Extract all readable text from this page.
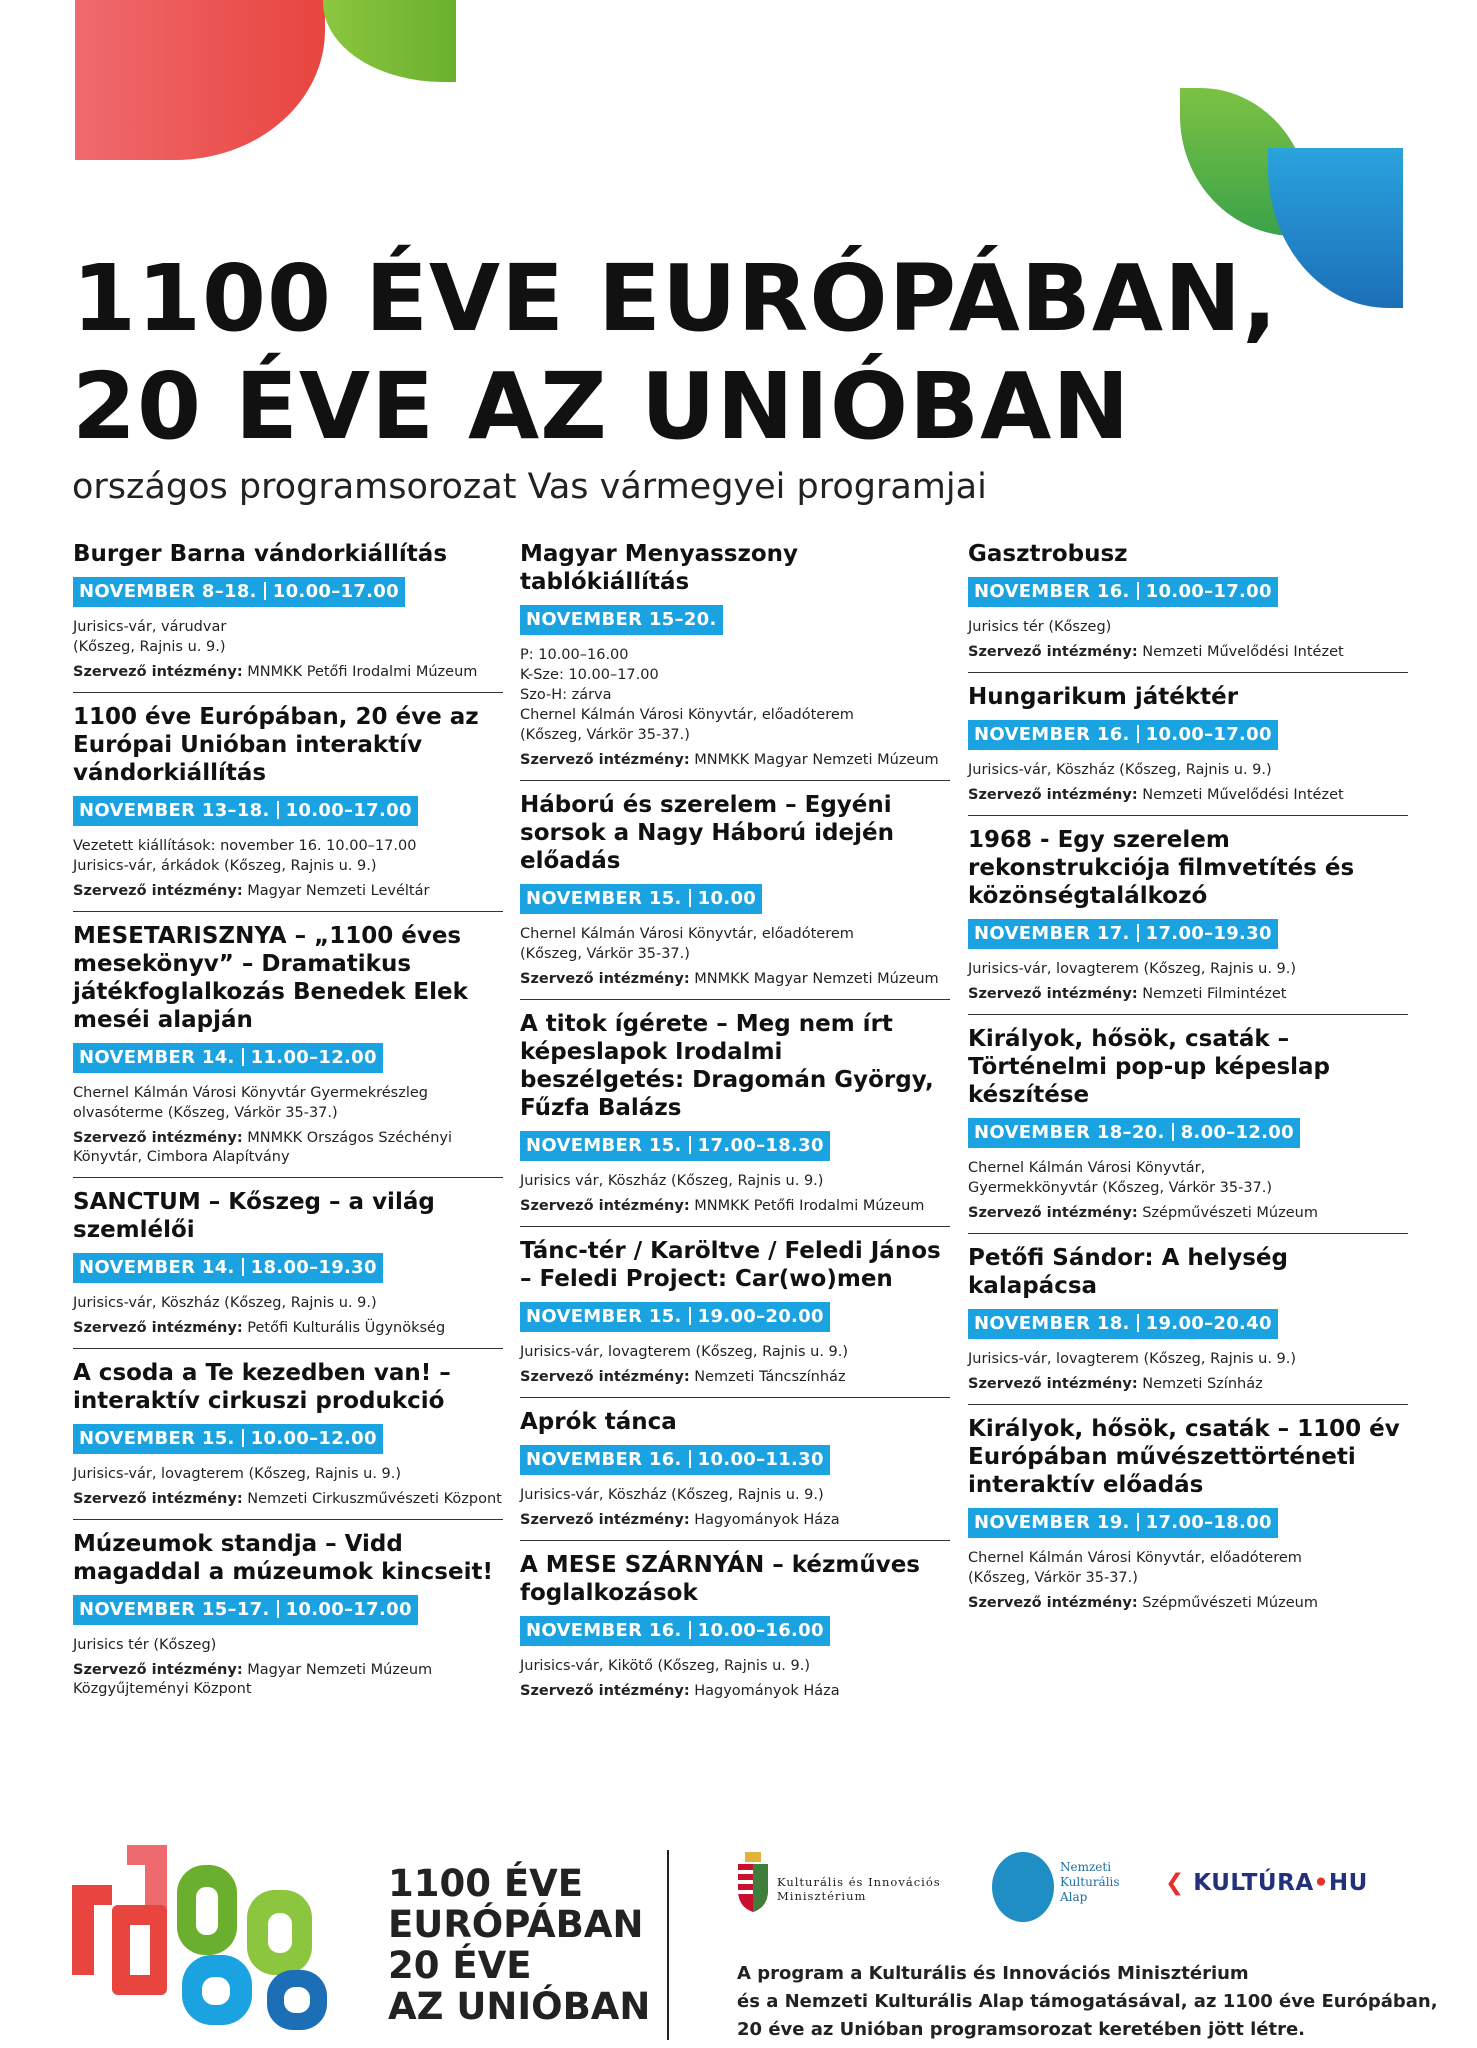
1100 ÉVE EURÓPÁBAN,
20 ÉVE AZ UNIÓBAN
országos programsorozat Vas vármegyei programjai
Burger Barna vándorkiállítás
NOVEMBER 8–18. 10.00–17.00
Jurisics-vár, várudvar
(Kőszeg, Rajnis u. 9.)
Szervező intézmény: MNMKK Petőfi Irodalmi Múzeum
1100 éve Európában, 20 éve az Európai Unióban interaktív vándorkiállítás
NOVEMBER 13–18. 10.00–17.00
Vezetett kiállítások: november 16. 10.00–17.00
Jurisics-vár, árkádok (Kőszeg, Rajnis u. 9.)
Szervező intézmény: Magyar Nemzeti Levéltár
MESETARISZNYA – „1100 éves mesekönyv” – Dramatikus játékfoglalkozás Benedek Elek meséi alapján
NOVEMBER 14. 11.00–12.00
Chernel Kálmán Városi Könyvtár Gyermekrészleg
olvasóterme (Kőszeg, Várkör 35-37.)
Szervező intézmény: MNMKK Országos Széchényi Könyvtár, Cimbora Alapítvány
SANCTUM – Kőszeg – a világ szemlélői
NOVEMBER 14. 18.00–19.30
Jurisics-vár, Köszház (Kőszeg, Rajnis u. 9.)
Szervező intézmény: Petőfi Kulturális Ügynökség
A csoda a Te kezedben van! – interaktív cirkuszi produkció
NOVEMBER 15. 10.00–12.00
Jurisics-vár, lovagterem (Kőszeg, Rajnis u. 9.)
Szervező intézmény: Nemzeti Cirkuszművészeti Központ
Múzeumok standja – Vidd magaddal a múzeumok kincseit!
NOVEMBER 15–17. 10.00–17.00
Jurisics tér (Kőszeg)
Szervező intézmény: Magyar Nemzeti Múzeum Közgyűjteményi Központ
Magyar Menyasszony tablókiállítás
NOVEMBER 15–20.
P: 10.00–16.00
K-Sze: 10.00–17.00
Szo-H: zárva
Chernel Kálmán Városi Könyvtár, előadóterem
(Kőszeg, Várkör 35-37.)
Szervező intézmény: MNMKK Magyar Nemzeti Múzeum
Háború és szerelem – Egyéni sorsok a Nagy Háború idején előadás
NOVEMBER 15. 10.00
Chernel Kálmán Városi Könyvtár, előadóterem
(Kőszeg, Várkör 35-37.)
Szervező intézmény: MNMKK Magyar Nemzeti Múzeum
A titok ígérete – Meg nem írt képeslapok Irodalmi beszélgetés: Dragomán György, Fűzfa Balázs
NOVEMBER 15. 17.00–18.30
Jurisics vár, Köszház (Kőszeg, Rajnis u. 9.)
Szervező intézmény: MNMKK Petőfi Irodalmi Múzeum
Tánc-tér / Karöltve / Feledi János – Feledi Project: Car(wo)men
NOVEMBER 15. 19.00–20.00
Jurisics-vár, lovagterem (Kőszeg, Rajnis u. 9.)
Szervező intézmény: Nemzeti Táncszínház
Aprók tánca
NOVEMBER 16. 10.00–11.30
Jurisics-vár, Köszház (Kőszeg, Rajnis u. 9.)
Szervező intézmény: Hagyományok Háza
A MESE SZÁRNYÁN – kézműves foglalkozások
NOVEMBER 16. 10.00–16.00
Jurisics-vár, Kikötő (Kőszeg, Rajnis u. 9.)
Szervező intézmény: Hagyományok Háza
Gasztrobusz
NOVEMBER 16. 10.00–17.00
Jurisics tér (Kőszeg)
Szervező intézmény: Nemzeti Művelődési Intézet
Hungarikum játéktér
NOVEMBER 16. 10.00–17.00
Jurisics-vár, Köszház (Kőszeg, Rajnis u. 9.)
Szervező intézmény: Nemzeti Művelődési Intézet
1968 - Egy szerelem rekonstrukciója filmvetítés és közönségtalálkozó
NOVEMBER 17. 17.00–19.30
Jurisics-vár, lovagterem (Kőszeg, Rajnis u. 9.)
Szervező intézmény: Nemzeti Filmintézet
Királyok, hősök, csaták – Történelmi pop-up képeslap készítése
NOVEMBER 18–20. 8.00–12.00
Chernel Kálmán Városi Könyvtár,
Gyermekkönyvtár (Kőszeg, Várkör 35-37.)
Szervező intézmény: Szépművészeti Múzeum
Petőfi Sándor: A helység kalapácsa
NOVEMBER 18. 19.00–20.40
Jurisics-vár, lovagterem (Kőszeg, Rajnis u. 9.)
Szervező intézmény: Nemzeti Színház
Királyok, hősök, csaták – 1100 év Európában művészettörténeti interaktív előadás
NOVEMBER 19. 17.00–18.00
Chernel Kálmán Városi Könyvtár, előadóterem
(Kőszeg, Várkör 35-37.)
Szervező intézmény: Szépművészeti Múzeum
1100 ÉVE
EURÓPÁBAN
20 ÉVE
AZ UNIÓBAN
Kulturális és Innovációs
Minisztérium
Nemzeti
Kulturális
Alap
❮ KULTÚRA•HU
A program a Kulturális és Innovációs Minisztérium
és a Nemzeti Kulturális Alap támogatásával, az 1100 éve Európában,
20 éve az Unióban programsorozat keretében jött létre.
